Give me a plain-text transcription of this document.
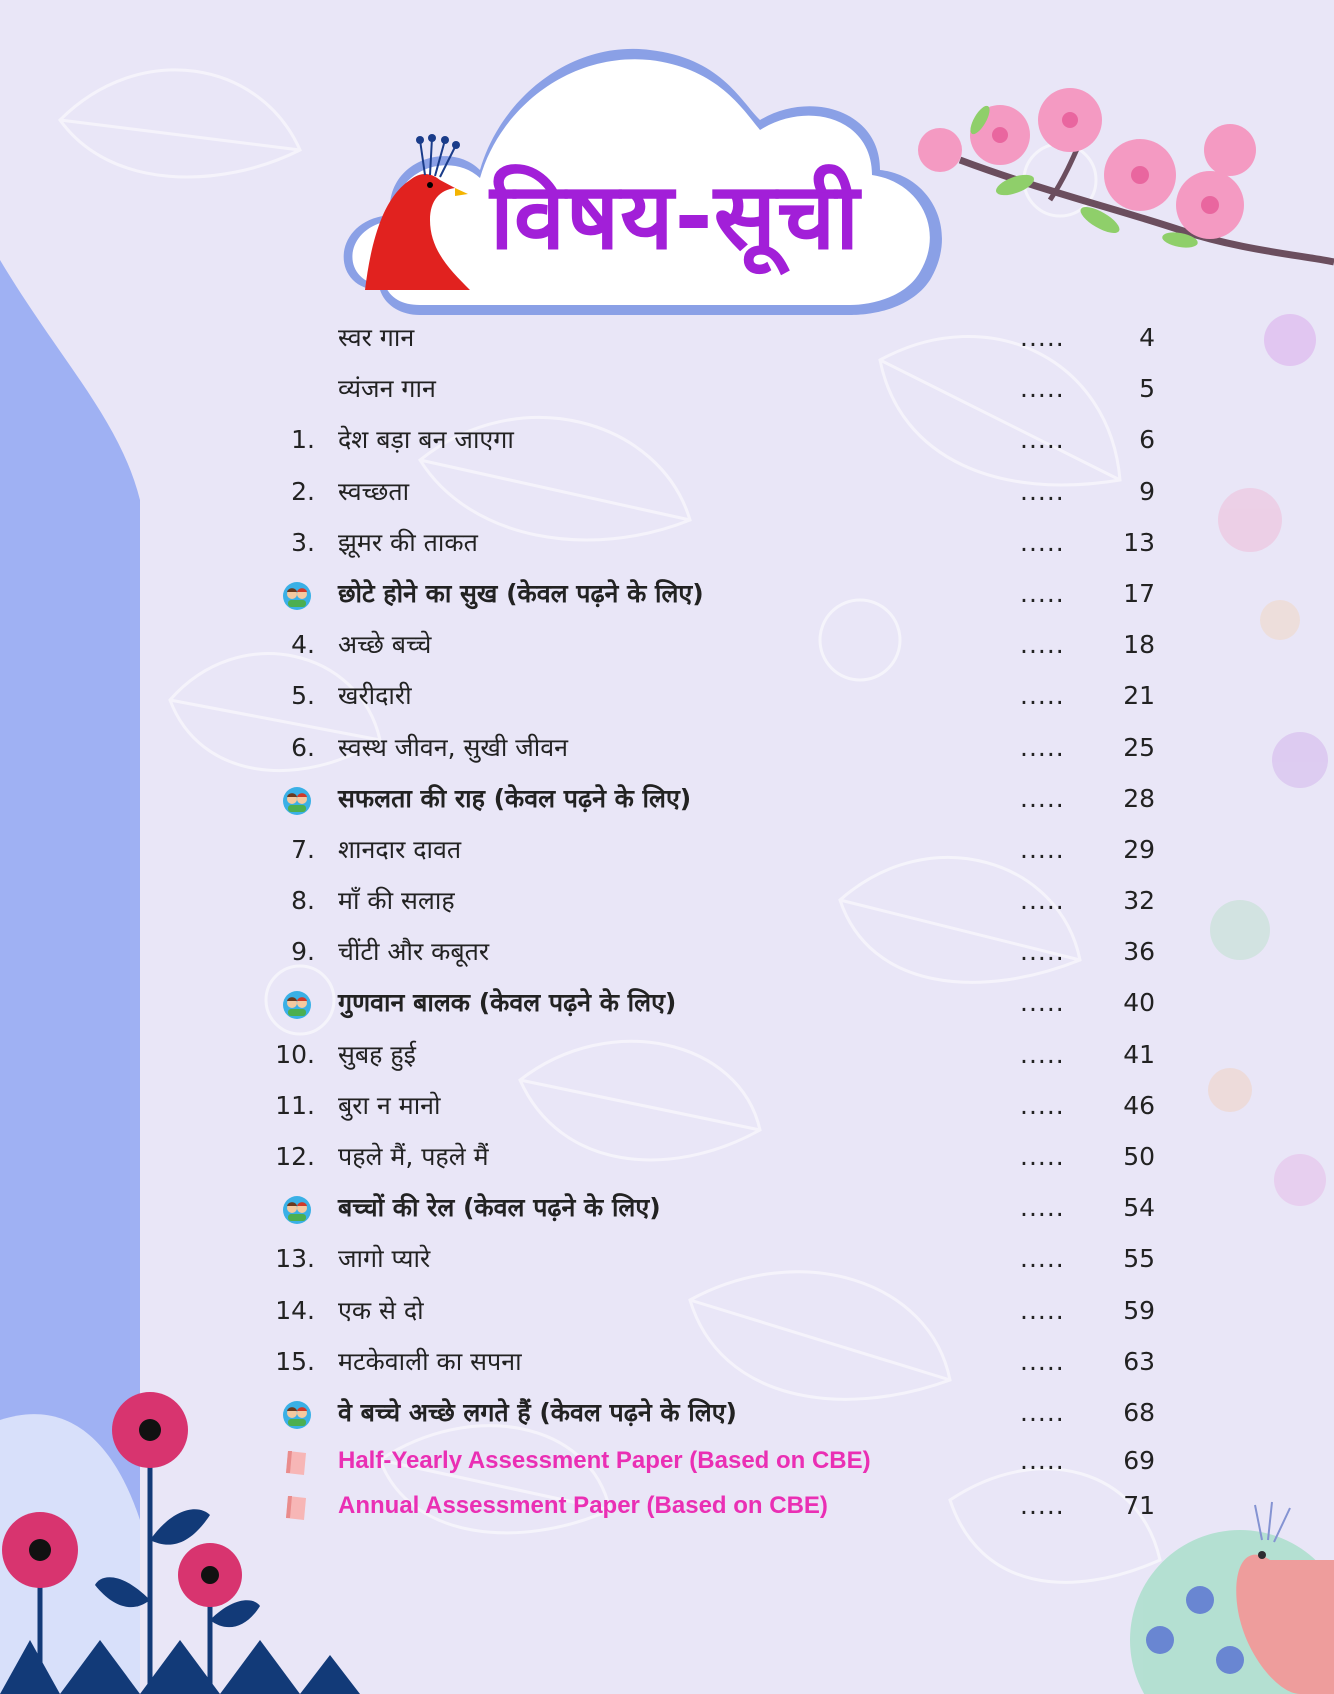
विषय-सूची
स्वर गान	.....	4
व्यंजन गान	.....	5
1. देश बड़ा बन जाएगा	.....	6
2. स्वच्छता	.....	9
3. झूमर की ताकत	.....	13
छोटे होने का सुख (केवल पढ़ने के लिए)	.....	17
4. अच्छे बच्चे	.....	18
5. खरीदारी	.....	21
6. स्वस्थ जीवन, सुखी जीवन	.....	25
सफलता की राह (केवल पढ़ने के लिए)	.....	28
7. शानदार दावत	.....	29
8. माँ की सलाह	.....	32
9. चींटी और कबूतर	.....	36
गुणवान बालक (केवल पढ़ने के लिए)	.....	40
10. सुबह हुई	.....	41
11. बुरा न मानो	.....	46
12. पहले मैं, पहले मैं	.....	50
बच्चों की रेल (केवल पढ़ने के लिए)	.....	54
13. जागो प्यारे	.....	55
14. एक से दो	.....	59
15. मटकेवाली का सपना	.....	63
वे बच्चे अच्छे लगते हैं (केवल पढ़ने के लिए)	.....	68
Half-Yearly Assessment Paper (Based on CBE)	.....	69
Annual Assessment Paper (Based on CBE)	.....	71
